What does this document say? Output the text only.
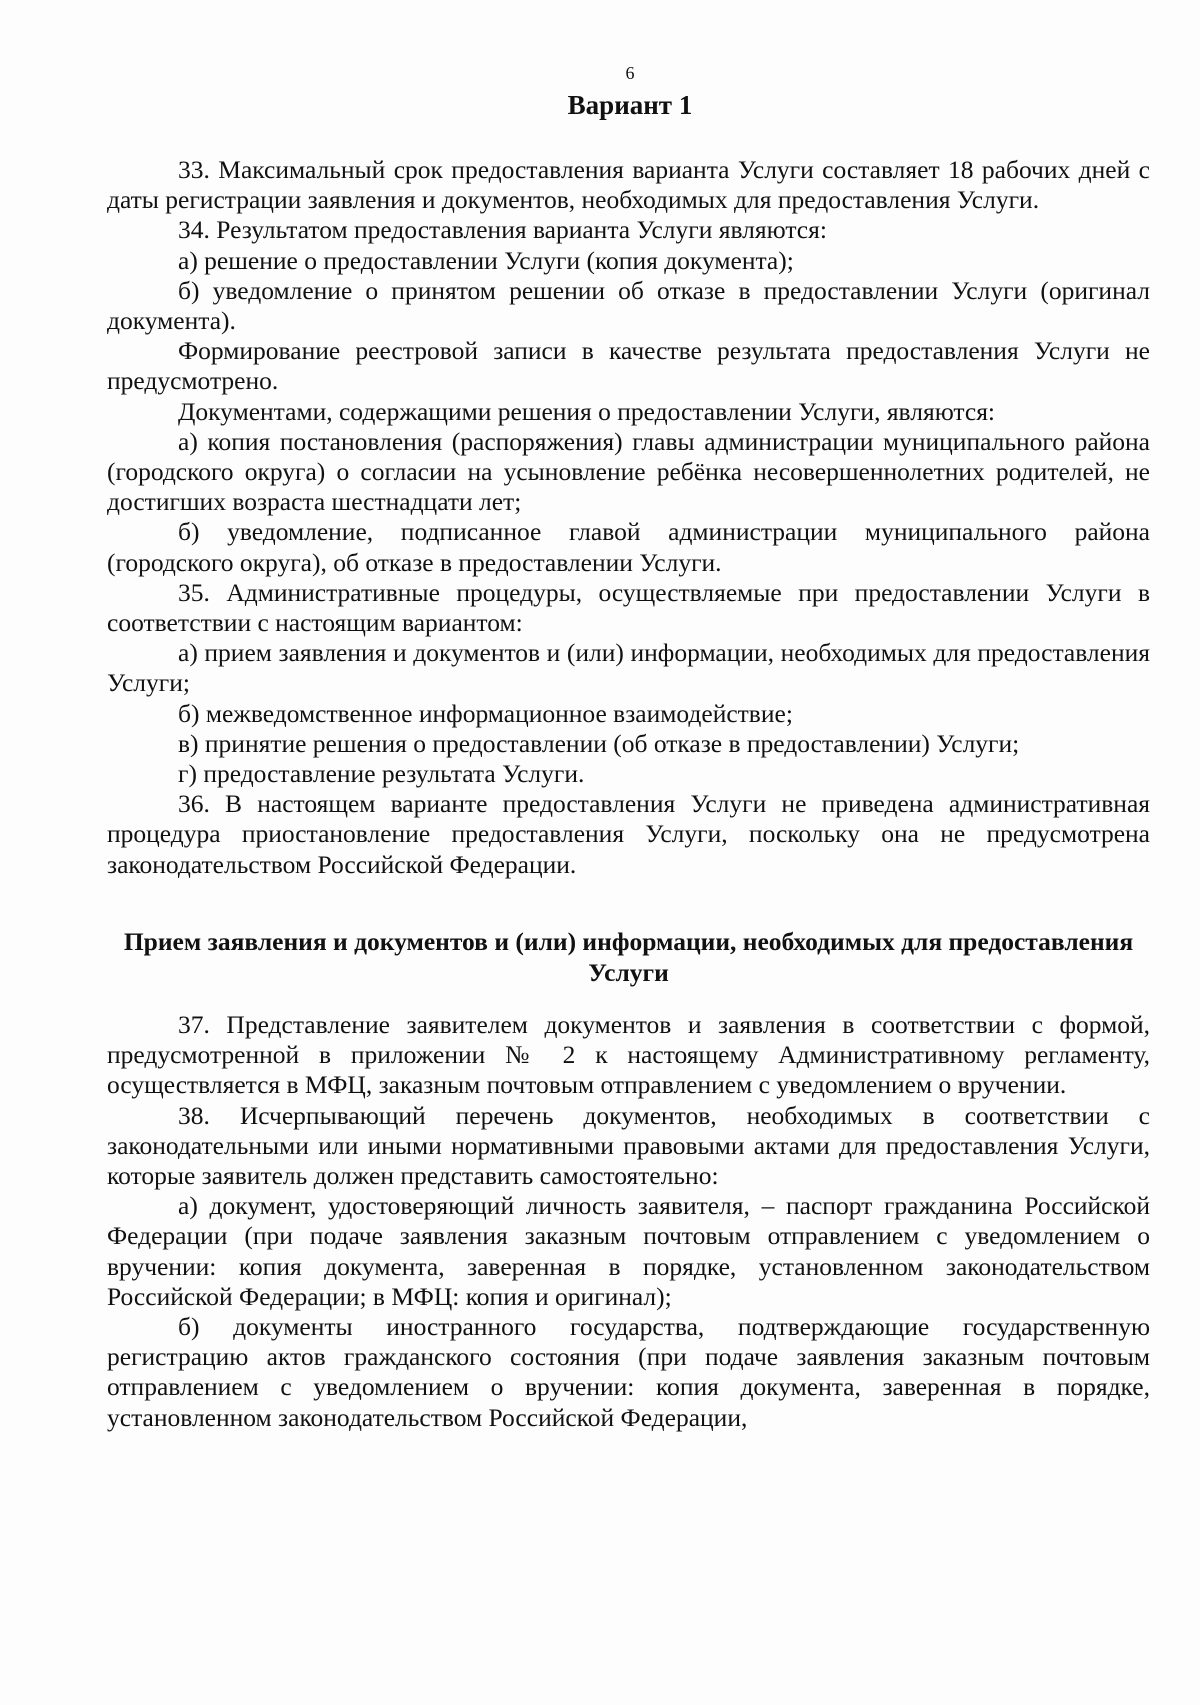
6
Вариант 1

33. Максимальный срок предоставления варианта Услуги составляет 18 рабочих дней с даты регистрации заявления и документов, необходимых для предоставления Услуги.

34. Результатом предоставления варианта Услуги являются:

а) решение о предоставлении Услуги (копия документа);

б) уведомление о принятом решении об отказе в предоставлении Услуги (оригинал документа).

Формирование реестровой записи в качестве результата предоставления Услуги не предусмотрено.

Документами, содержащими решения о предоставлении Услуги, являются:

а) копия постановления (распоряжения) главы администрации муниципального района (городского округа) о согласии на усыновление ребёнка несовершеннолетних родителей, не достигших возраста шестнадцати лет;

б) уведомление, подписанное главой администрации муниципального района (городского округа), об отказе в предоставлении Услуги.

35. Административные процедуры, осуществляемые при предоставлении Услуги в соответствии с настоящим вариантом:

а) прием заявления и документов и (или) информации, необходимых для предоставления Услуги;

б) межведомственное информационное взаимодействие;

в) принятие решения о предоставлении (об отказе в предоставлении) Услуги;

г) предоставление результата Услуги.

36. В настоящем варианте предоставления Услуги не приведена административная процедура приостановление предоставления Услуги, поскольку она не предусмотрена законодательством Российской Федерации.

Прием заявления и документов и (или) информации, необходимых для предоставления Услуги

37. Представление заявителем документов и заявления в соответствии с формой, предусмотренной в приложении № 2 к настоящему Административному регламенту, осуществляется в МФЦ, заказным почтовым отправлением с уведомлением о вручении.

38. Исчерпывающий перечень документов, необходимых в соответствии с законодательными или иными нормативными правовыми актами для предоставления Услуги, которые заявитель должен представить самостоятельно:

а) документ, удостоверяющий личность заявителя, – паспорт гражданина Российской Федерации (при подаче заявления заказным почтовым отправлением с уведомлением о вручении: копия документа, заверенная в порядке, установленном законодательством Российской Федерации; в МФЦ: копия и оригинал);

б) документы иностранного государства, подтверждающие государственную регистрацию актов гражданского состояния (при подаче заявления заказным почтовым отправлением с уведомлением о вручении: копия документа, заверенная в порядке, установленном законодательством Российской Федерации,
